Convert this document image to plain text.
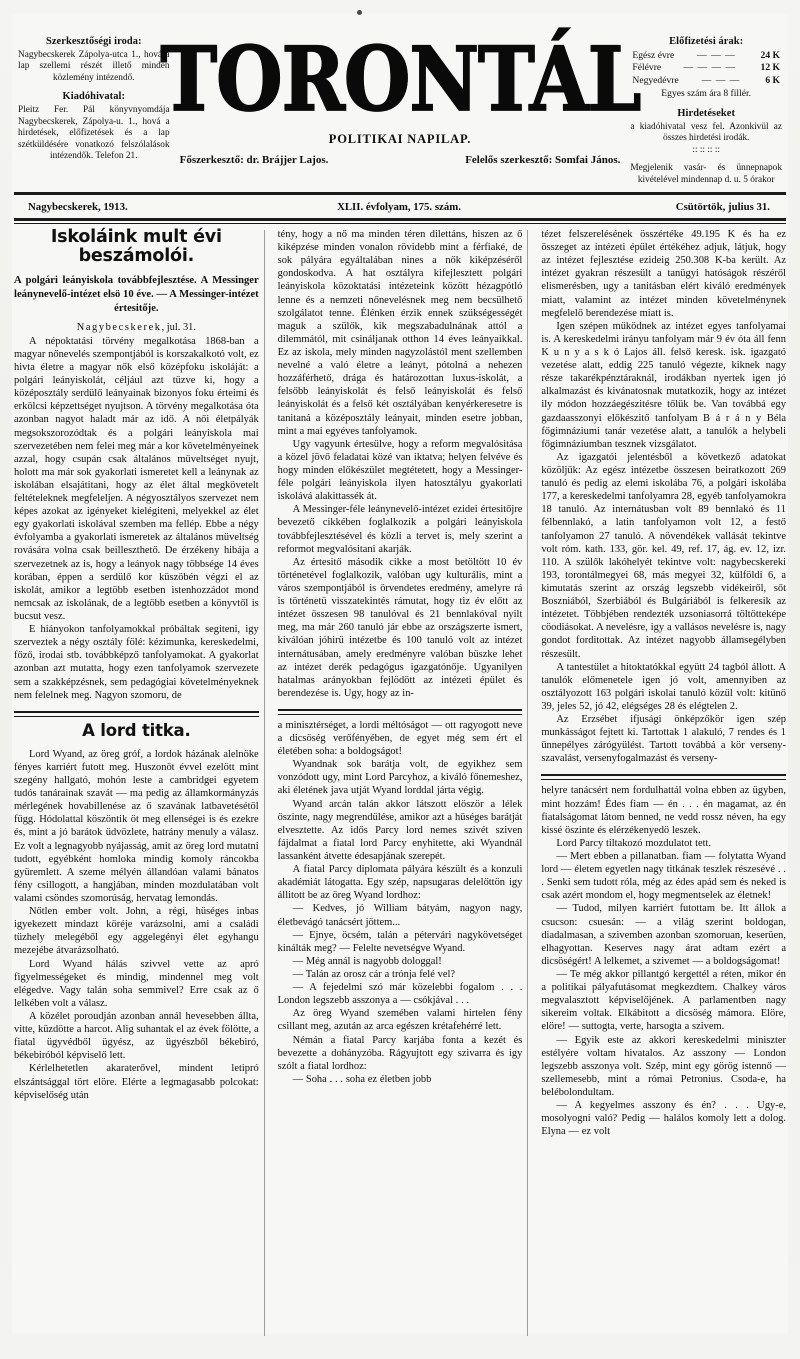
Szerkesztőségi iroda:
Nagybecskerek Zápolya-utca 1., hová a lap szellemi részét illető minden közlemény intézendő.
Kiadóhivatal:
Pleitz Fer. Pál könyvnyomdája Nagybecskerek, Zápolya-u. 1., hová a hirdetések, előfizetések és a lap szétküldésére vonatkozó felszólalások intézendők. Telefon 21.
TORONTÁL
POLITIKAI NAPILAP.
Főszerkesztő: dr. Brájjer Lajos.	Felelős szerkesztő: Somfai János.
Előfizetési árak:
Egész évre	— — —	24 K
Félévre	— — — —	12 K
Negyedévre	— — —	6 K
Egyes szám ára 8 fillér.
Hirdetéseket
a kiadóhivatal vesz fel. Azonkivül az összes hirdetési irodák.
:: :: :: ::
Megjelenik vasár- és ünnepnapok kivételével mindennap d. u. 5 órakor
Nagybecskerek, 1913.	XLII. évfolyam, 175. szám.	Csütörtök, julius 31.
Iskoláink mult évi beszámolói.
A polgári leányiskola továbbfejlesztése. A Messinger leánynevelő-intézet elsö 10 éve. — A Messinger-intézet értesitője.
Nagybecskerek, jul. 31.

A népoktatási törvény megalkotása 1868-ban a magyar nőnevelés szempontjából is korszakalkotó volt, ez hivta életre a magyar nők első középfoku iskoláját: a polgári leányiskolát, céljául azt tüzve ki, hogy a középosztály serdülő leányainak bizonyos foku érteimi és erkölcsi képzettséget nyujtson. A törvény megalkotása óta azonban nagyot haladt már az idő. A női életpályák megsokszorozódtak és a polgári leányiskola mai szervezetében nem felei meg már a kor követelményeinek azzal, hogy csupán csak általános müveltséget nyujt, holott ma már sok gyakorlati ismeretet kell a leánynak az iskolában elsajátitani, hogy az élet által megkövetelt feltételeknek megfeleljen. A négyosztályos szervezet nem képes azokat az igényeket kielégiteni, melyekkel az élet egy gyakorlati iskolával szemben ma fellép. Ebbe a négy évfolyamba a gyakorlati ismeretek az általános müveltség rovására volna csak beilleszthető. De érzékeny hibája a szervezetnek az is, hogy a leányok nagy többsége 14 éves korában, éppen a serdülő kor küszöbén végzi el az iskolát, amikor a legtöbb esetben istenhozzádot mond nemcsak az iskolának, de a legtöbb esetben a könyvtől is bucsut vesz.

E hiányokon tanfolyamokkal próbáltak segiteni, igy szerveztek a négy osztály fölé: kézimunka, kereskedelmi, főző, irodai stb. továbbképző tanfolyamokat. A gyakorlat azonban azt mutatta, hogy ezen tanfolyamok szervezete sem a szakképzésnek, sem pedagógiai követelményeknek nem felelnek meg. Nagyon szomoru, de

A lord titka.

Lord Wyand, az öreg gróf, a lordok házának alelnöke fényes karriért futott meg. Huszonöt évvel ezelött mint szegény hallgató, mohón leste a cambridgei egyetem tudós tanárainak szavát — ma pedig az államkormányzás mérlegének hovabillenése az ő szavának latbavetésétöl függ. Hódolattal köszöntik öt meg ellenségei is és ezekre és, mint a jó barátok üdvözlete, hatrány menuly a válasz. Ez volt a legnagyobb nyájasság, amit az öreg lord mutatni tudott, egyébként homloka mindig komoly ráncokba gyüremlett. A szeme mélyén állandóan valami bánatos fény csillogott, a hangjában, minden mozdulatában volt valami csöndes szomorúság, hervatag lemondás.

Nőtlen ember volt. John, a régi, hüséges inbas igyekezett mindazt köréje varázsolni, ami a családi tüzhely melegéből egy aggelegényi élet egyhangu mezejébe átvarázsolható.

Lord Wyand hálás szivvel vette az apró figyelmességeket és mindig, mindennel meg volt elégedve. Vagy talán soha semmivel? Erre csak az ő lelkében volt a válasz.

A közélet poroudján azonban annál hevesebben állta, vitte, küzdötte a harcot. Alig suhantak el az évek fölötte, a fiatal ügyvédből ügyész, az ügyészből békebiró, békebiróból képviselő lett.

Kérlelhetetlen akaraterővel, mindent letipró elszántsággal tört elöre. Elérte a legmagasabb polcokat: képviselőség után

tény, hogy a nő ma minden téren dilettáns, hiszen az ő kiképzése minden vonalon rövidebb mint a férfiaké, de sok pályára egyáltalában nines a nők kiképzéséről gondoskodva. A hat osztályra kifejlesztett polgári leányiskola közoktatási intézeteink között hézagpótló lenne és a nemzeti nőnevelésnek meg nem becsülhető szolgálatot tenne. Élénken érzik ennek szükségességét maguk a szülők, kik megszabadulnának attól a dilemmától, mit csináljanak otthon 14 éves leányaikkal. Ez az iskola, mely minden nagyzolástól ment szellemben nevelné a való életre a leányt, pótolná a nehezen hozzáférhető, drága és határozottan luxus-iskolát, a felsőbb leányiskolát és felső leányiskolát és felső leányiskolát és a felső két osztályában kenyérkeresetre is tanitaná a középosztály leányait, minden esetre jobban, mint a mai egyéves tanfolyamok.

Ugy vagyunk értesülve, hogy a reform megvalósitása a közel jövő feladatai közé van iktatva; helyen felvéve és hogy minden előkészület megtétetett, hogy a Messinger-féle polgári leányiskola ilyen hatosztályu gyakorlati iskolává alakittassék át.

A Messinger-féle leánynevelő-intézet ezidei értesitőjre bevezető cikkében foglalkozik a polgári leányiskola továbbfejlesztésével és közli a tervet is, mely szerint a reformot megvalósitani akarják.

Az értesitő második cikke a most betöltött 10 év történetével foglalkozik, valóban ugy kulturális, mint a város szempontjából is örvendetes eredmény, amelyre rá is történetü visszatekintés rámutat, hogy tiz év előtt az intézet összesen 98 tanulóval és 21 bennlakóval nyilt meg, ma már 260 tanuló jár ebbe az országszerte ismert, kiválóan jóhirü intézetbe és 100 tanuló volt az intézet internátusában, amely eredményre valóban büszke lehet az intézet derék pedagógus igazgatónője. Ugyanilyen hatalmas arányokban fejlödött az intézeti épület és berendezése is. Ugy, hogy az in-

a minisztérséget, a lordi méltóságot — ott ragyogott neve a dicsöség verőfényében, de egyet még sem ért el életében soha: a boldogságot!

Wyandnak sok barátja volt, de egyikhez sem vonzódott ugy, mint Lord Parcyhoz, a kiváló főnemeshez, aki életének java utját Wyand lorddal járta végig.

Wyand arcán talán akkor látszott elöször a lélek öszinte, nagy megrendülése, amikor azt a hüséges barátját elvesztette. Az idős Parcy lord nemes szivét sziven fájdalmat a fiatal lord Parcy enyhitette, aki Wyandnál lassanként átvette édesapjának szerepét.

A fiatal Parcy diplomata pályára készült és a konzuli akadémiát látogatta. Egy szép, napsugaras delelőttön igy állitott be az öreg Wyand lordhoz:

— Kedves, jó William bátyám, nagyon nagy, életbevágó tanácsért jöttem...

— Ejnye, öcsém, talán a pétervári nagykövetséget kinálták meg? — Felelte nevetségve Wyand.

— Még annál is nagyobb dologgal!

— Talán az orosz cár a trónja felé vel?

— A fejedelmi szó már közelebbi fogalom . . . London legszebb asszonya a — csókjával . . .

Az öreg Wyand szemében valami hirtelen fény csillant meg, azután az arca egészen krétafehérré lett.

Némán a fiatal Parcy karjába fonta a kezét és bevezette a dohányzóba. Rágyujtott egy szivarra és igy szólt a fiatal lordhoz:

— Soha . . . soha ez életben jobb

tézet felszerelésének összértéke 49.195 K és ha ez összeget az intézeti épület értékéhez adjuk, látjuk, hogy az intézet fejlesztése ezideig 250.308 K-ba került. Az intézet gyakran részesült a tanügyi hatóságok részéről elismerésben, ugy a tanitásban elért kiváló eredmények miatt, valamint az intézet minden követelménynek megfelelő berendezése miatt is.

Igen szépen müködnek az intézet egyes tanfolyamai is. A kereskedelmi irányu tanfolyam már 9 év óta áll fenn K u n y a s k ó Lajos áll. felső keresk. isk. igazgató vezetése alatt, eddig 225 tanuló végezte, kiknek nagy része takarékpénztáraknál, irodákban nyertek igen jó alkalmazást és kivánatosnak mutatkozik, hogy az intézet ily módon hozzáegészitésre tőlük be. Van továbbá egy gazdaasszonyi előkészitő tanfolyam B á r á n y Béla főgimnáziumi tanár vezetése alatt, a tanulók a helybeli főgimnáziumban tesznek vizsgálatot.

Az igazgatói jelentésből a következő adatokat közöljük: Az egész intézetbe összesen beiratkozott 269 tanuló és pedig az elemi iskolába 76, a polgári iskolába 177, a kereskedelmi tanfolyamra 28, egyéb tanfolyamokra 18 tanuló. Az internátusban volt 89 bennlakó és 11 félbennlakó, a latin tanfolyamon volt 12, a festő tanfolyamon 27 tanuló. A növendékek vallását tekintve volt róm. kath. 133, gör. kel. 49, ref. 17, ág. ev. 12, izr. 110. A szülők lakóhelyét tekintve volt: nagybecskereki 193, torontálmegyei 68, más megyei 32, külföldi 6, a kimutatás szerint az ország legszebb vidékeiről, sőt Boszniából, Szerbiából és Bulgáriából is felkeresik az intézetet. Többjében rendezték uzsoniasorrá töltötteképe cöodiásokat. A nevelésre, igy a vallásos nevelésre is, nagy gondot forditottak. Az intézet nagyobb államsegélyben részesült.

A tantestület a hitoktatókkal együtt 24 tagból állott. A tanulók előmenetele igen jó volt, amennyiben az osztályozott 163 polgári iskolai tanuló közül volt: kitünő 39, jeles 52, jó 42, elégséges 28 és elégtelen 2.

Az Erzsébet ifjusági önképzőkör igen szép munkásságot fejtett ki. Tartottak 1 alakuló, 7 rendes és 1 ünnepélyes zárógyülést. Tartott továbbá a kör verseny-szavalást, versenyfogalmazást és verseny-

helyre tanácsért nem fordulhattál volna ebben az ügyben, mint hozzám! Édes fiam — én . . . én magamat, az én fiatalságomat látom benned, ne vedd rossz néven, ha egy kissé öszinte és elérzékenyedö leszek.

Lord Parcy tiltakozó mozdulatot tett.

— Mert ebben a pillanatban. fiam — folytatta Wyand lord — életem egyetlen nagy titkának teszlek részesévé . . . Senki sem tudott róla, még az édes apád sem és neked is csak azért mondom el, hogy megmentselek az életnek!

— Tudod, milyen karriért futottam be. Itt állok a csucson: csuesán: — a világ szerint boldogan, diadalmasan, a szivemben azonban szomoruan, keserüen, elhagyottan. Keserves nagy árat adtam ezért a dicsöségért! A lelkemet, a szivemet — a boldogságomat!

— Te még akkor pillantgó kergettél a réten, mikor én a politikai pályafutásomat megkezdtem. Chalkey város megvalasztott képviselőjének. A parlamentben nagy sikereim voltak. Elkábitott a dicsöség mámora. Elöre, elöre! — suttogta, verte, harsogta a szivem.

— Egyik este az akkori kereskedelmi miniszter estélyére voltam hivatalos. Az asszony — London legszebb asszonya volt. Szép, mint egy görög istennő — szellemesebb, mint a római Petronius. Csoda-e, ha belébolondultam.

— A kegyelmes asszony és én? . . . Ugy-e, mosolyogni való? Pedig — halálos komoly lett a dolog. Elyna — ez volt
